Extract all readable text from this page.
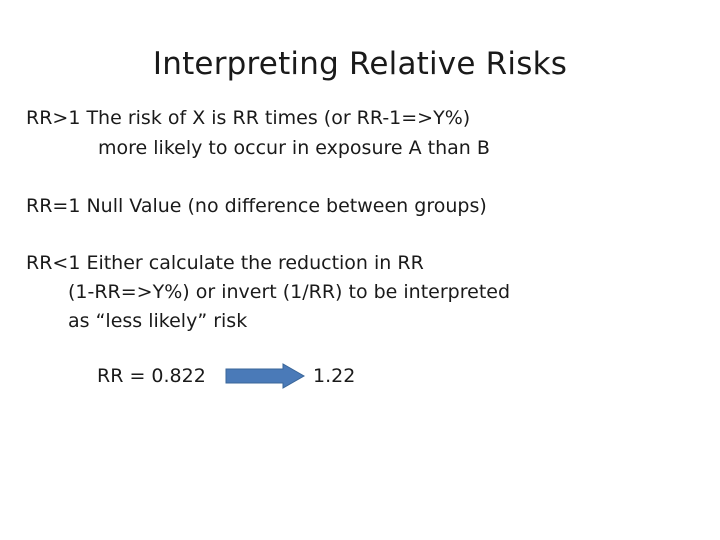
Interpreting Relative Risks
RR>1 The risk of X is RR times (or RR-1=>Y%)
more likely to occur in exposure A than B
RR=1 Null Value (no difference between groups)
RR<1 Either calculate the reduction in RR
(1-RR=>Y%) or invert (1/RR) to be interpreted
as “less likely” risk
RR = 0.822	1.22
